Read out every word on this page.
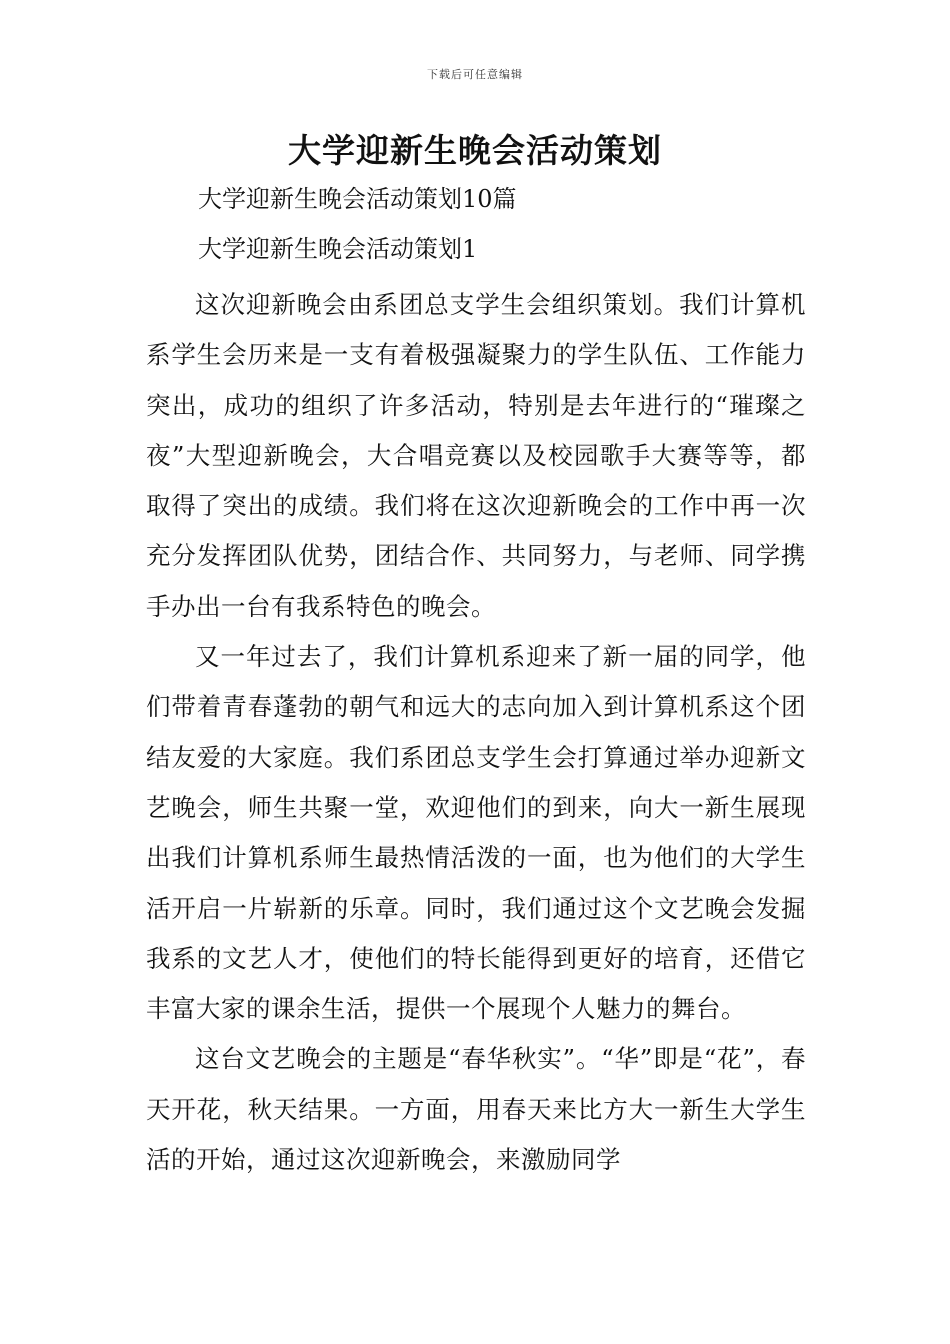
下载后可任意编辑
大学迎新生晚会活动策划
大学迎新生晚会活动策划10篇
大学迎新生晚会活动策划1

这次迎新晚会由系团总支学生会组织策划。我们计算机系学生会历来是一支有着极强凝聚力的学生队伍、工作能力突出，成功的组织了许多活动，特别是去年进行的“璀璨之夜”大型迎新晚会，大合唱竞赛以及校园歌手大赛等等，都取得了突出的成绩。我们将在这次迎新晚会的工作中再一次充分发挥团队优势，团结合作、共同努力，与老师、同学携手办出一台有我系特色的晚会。

又一年过去了，我们计算机系迎来了新一届的同学，他们带着青春蓬勃的朝气和远大的志向加入到计算机系这个团结友爱的大家庭。我们系团总支学生会打算通过举办迎新文艺晚会，师生共聚一堂，欢迎他们的到来，向大一新生展现出我们计算机系师生最热情活泼的一面，也为他们的大学生活开启一片崭新的乐章。同时，我们通过这个文艺晚会发掘我系的文艺人才，使他们的特长能得到更好的培育，还借它丰富大家的课余生活，提供一个展现个人魅力的舞台。

这台文艺晚会的主题是“春华秋实”。“华”即是“花”，春天开花，秋天结果。一方面，用春天来比方大一新生大学生活的开始，通过这次迎新晚会，来激励同学
